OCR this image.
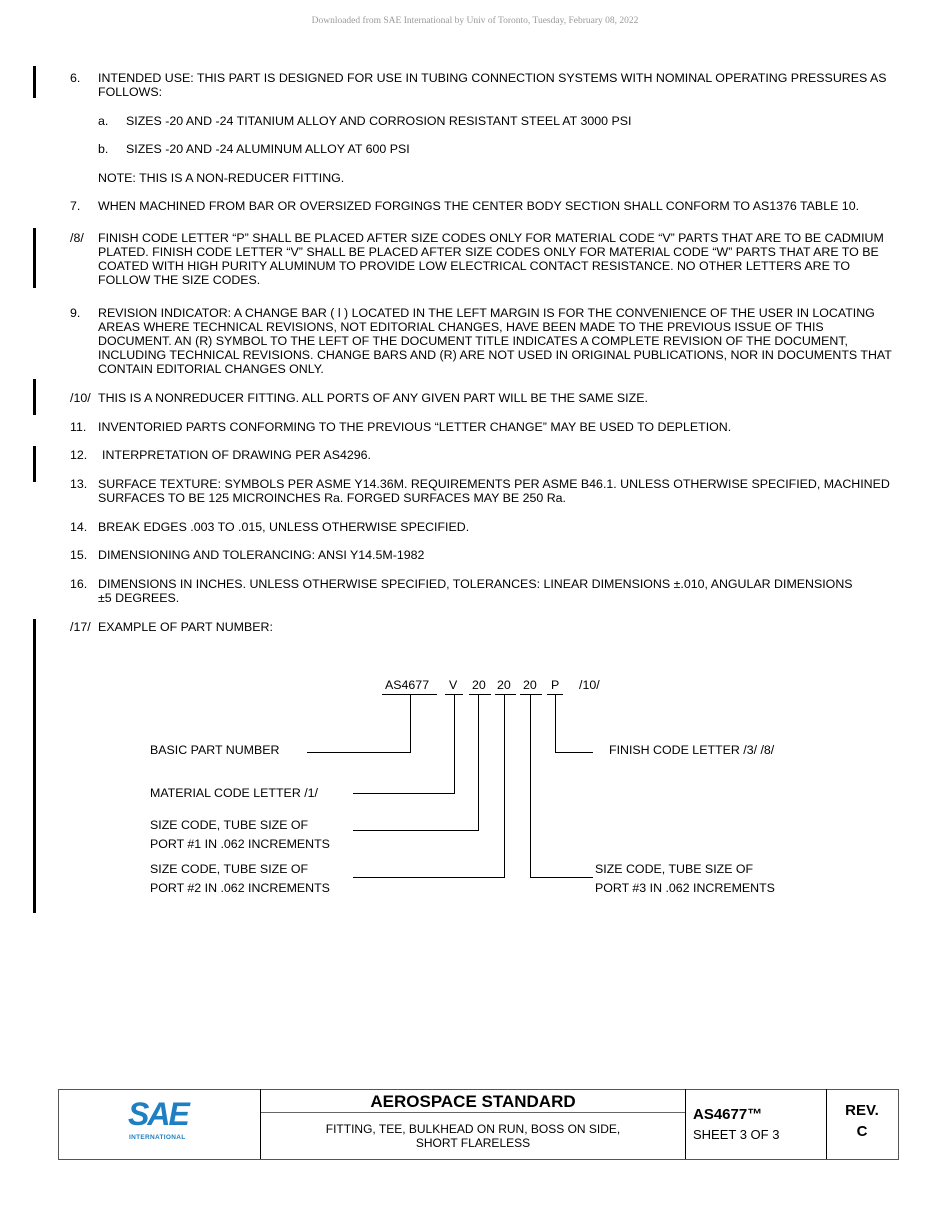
Downloaded from SAE International by Univ of Toronto, Tuesday, February 08, 2022
6. INTENDED USE: THIS PART IS DESIGNED FOR USE IN TUBING CONNECTION SYSTEMS WITH NOMINAL OPERATING PRESSURES AS FOLLOWS:
a. SIZES -20 AND -24 TITANIUM ALLOY AND CORROSION RESISTANT STEEL AT 3000 PSI
b. SIZES -20 AND -24 ALUMINUM ALLOY AT 600 PSI
NOTE: THIS IS A NON-REDUCER FITTING.
7. WHEN MACHINED FROM BAR OR OVERSIZED FORGINGS THE CENTER BODY SECTION SHALL CONFORM TO AS1376 TABLE 10.
/8/ FINISH CODE LETTER “P” SHALL BE PLACED AFTER SIZE CODES ONLY FOR MATERIAL CODE “V” PARTS THAT ARE TO BE CADMIUM PLATED. FINISH CODE LETTER “V” SHALL BE PLACED AFTER SIZE CODES ONLY FOR MATERIAL CODE “W” PARTS THAT ARE TO BE COATED WITH HIGH PURITY ALUMINUM TO PROVIDE LOW ELECTRICAL CONTACT RESISTANCE. NO OTHER LETTERS ARE TO FOLLOW THE SIZE CODES.
9. REVISION INDICATOR: A CHANGE BAR ( l ) LOCATED IN THE LEFT MARGIN IS FOR THE CONVENIENCE OF THE USER IN LOCATING AREAS WHERE TECHNICAL REVISIONS, NOT EDITORIAL CHANGES, HAVE BEEN MADE TO THE PREVIOUS ISSUE OF THIS DOCUMENT. AN (R) SYMBOL TO THE LEFT OF THE DOCUMENT TITLE INDICATES A COMPLETE REVISION OF THE DOCUMENT, INCLUDING TECHNICAL REVISIONS. CHANGE BARS AND (R) ARE NOT USED IN ORIGINAL PUBLICATIONS, NOR IN DOCUMENTS THAT CONTAIN EDITORIAL CHANGES ONLY.
/10/ THIS IS A NONREDUCER FITTING. ALL PORTS OF ANY GIVEN PART WILL BE THE SAME SIZE.
11. INVENTORIED PARTS CONFORMING TO THE PREVIOUS “LETTER CHANGE” MAY BE USED TO DEPLETION.
12. INTERPRETATION OF DRAWING PER AS4296.
13. SURFACE TEXTURE: SYMBOLS PER ASME Y14.36M. REQUIREMENTS PER ASME B46.1. UNLESS OTHERWISE SPECIFIED, MACHINED SURFACES TO BE 125 MICROINCHES Ra. FORGED SURFACES MAY BE 250 Ra.
14. BREAK EDGES .003 TO .015, UNLESS OTHERWISE SPECIFIED.
15. DIMENSIONING AND TOLERANCING: ANSI Y14.5M-1982
16. DIMENSIONS IN INCHES. UNLESS OTHERWISE SPECIFIED, TOLERANCES: LINEAR DIMENSIONS ±.010, ANGULAR DIMENSIONS ±5 DEGREES.
/17/ EXAMPLE OF PART NUMBER:
AS4677 V 20 20 20 P /10/
BASIC PART NUMBER
MATERIAL CODE LETTER /1/
SIZE CODE, TUBE SIZE OF
PORT #1 IN .062 INCREMENTS
SIZE CODE, TUBE SIZE OF
PORT #2 IN .062 INCREMENTS
SIZE CODE, TUBE SIZE OF
PORT #3 IN .062 INCREMENTS
FINISH CODE LETTER /3/ /8/
SAE
INTERNATIONAL
AEROSPACE STANDARD
FITTING, TEE, BULKHEAD ON RUN, BOSS ON SIDE,
SHORT FLARELESS
AS4677™
SHEET 3 OF 3
REV.
C
